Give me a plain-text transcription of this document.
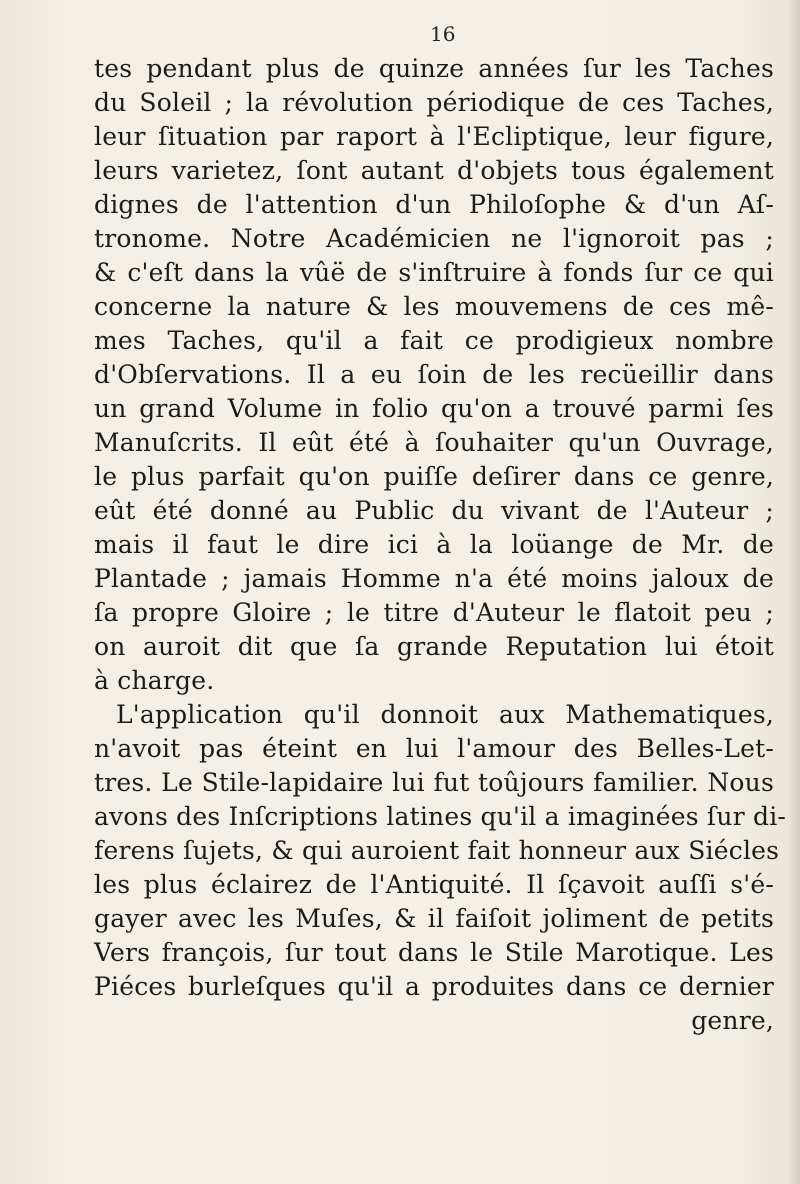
16
tes pendant plus de quinze années ſur les Taches
du Soleil ; la révolution périodique de ces Taches,
leur ſituation par raport à l'Ecliptique, leur figure,
leurs varietez, ſont autant d'objets tous également
dignes de l'attention d'un Philoſophe & d'un Aſ-
tronome. Notre Académicien ne l'ignoroit pas ;
& c'eſt dans la vûë de s'inſtruire à fonds ſur ce qui
concerne la nature & les mouvemens de ces mê-
mes Taches, qu'il a fait ce prodigieux nombre
d'Obſervations. Il a eu ſoin de les recüeillir dans
un grand Volume in folio qu'on a trouvé parmi ſes
Manuſcrits. Il eût été à ſouhaiter qu'un Ouvrage,
le plus parfait qu'on puiſſe deſirer dans ce genre,
eût été donné au Public du vivant de l'Auteur ;
mais il faut le dire ici à la loüange de Mr. de
Plantade ; jamais Homme n'a été moins jaloux de
ſa propre Gloire ; le titre d'Auteur le flatoit peu ;
on auroit dit que ſa grande Reputation lui étoit
à charge.
L'application qu'il donnoit aux Mathematiques,
n'avoit pas éteint en lui l'amour des Belles-Let-
tres. Le Stile-lapidaire lui fut toûjours familier. Nous
avons des Inſcriptions latines qu'il a imaginées ſur di-
ferens ſujets, & qui auroient fait honneur aux Siécles
les plus éclairez de l'Antiquité. Il ſçavoit auſſi s'é-
gayer avec les Muſes, & il faiſoit joliment de petits
Vers françois, ſur tout dans le Stile Marotique. Les
Piéces burleſques qu'il a produites dans ce dernier
genre,
